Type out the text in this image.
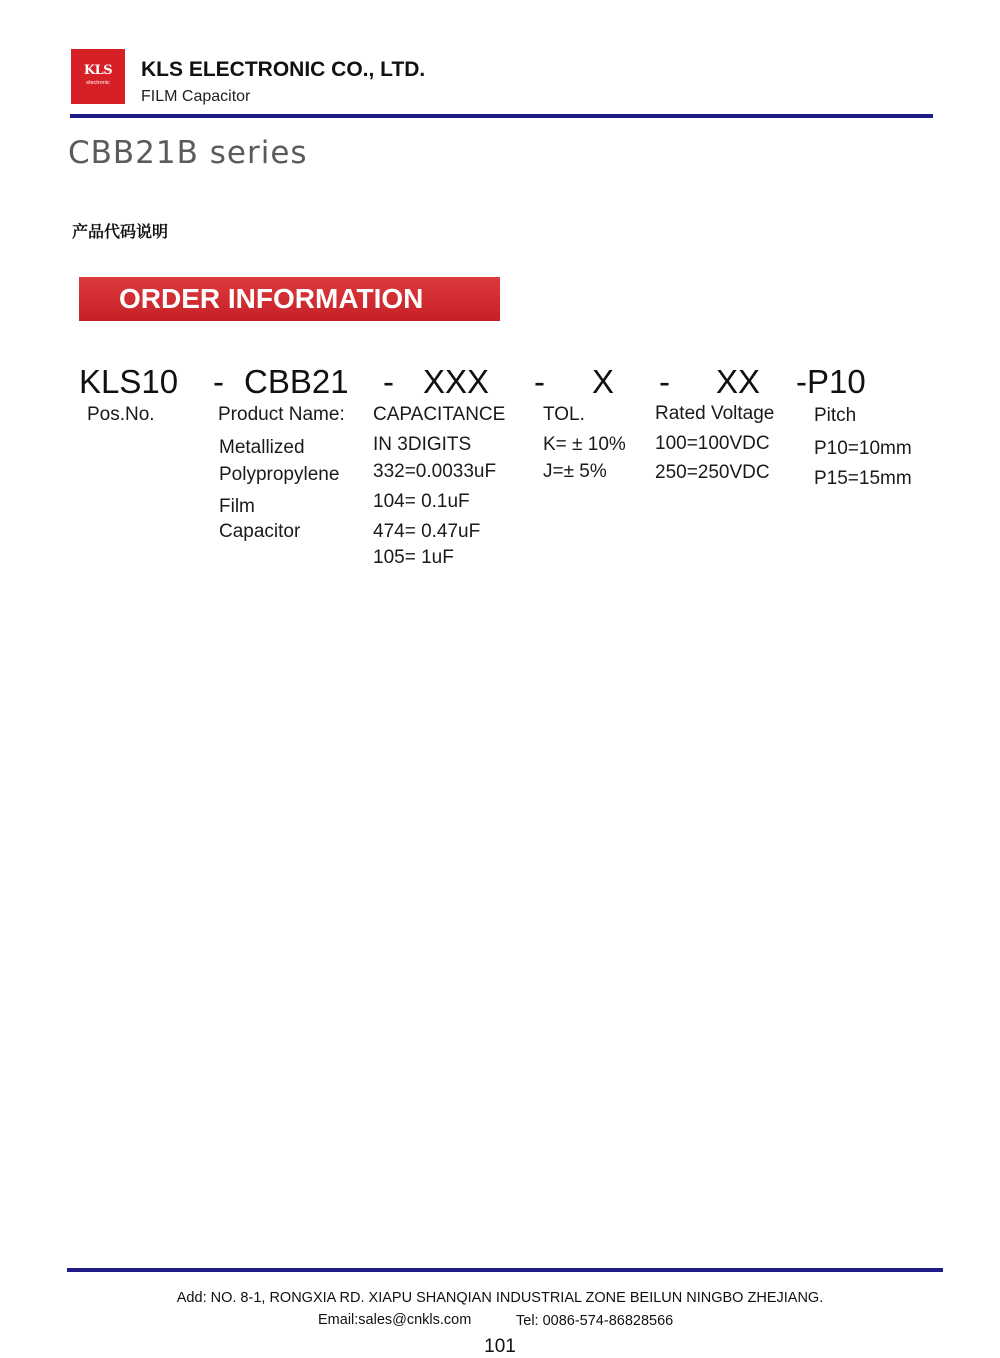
KLS
electronic
KLS ELECTRONIC CO., LTD.
FILM Capacitor
CBB21B series
产品代码说明
ORDER INFORMATION
KLS10 - CBB21 - XXX - X - XX -P10
Pos.No.	Product Name:
Metallized
Polypropylene
Film
Capacitor
CAPACITANCE
IN 3DIGITS
332=0.0033uF
104= 0.1uF
474= 0.47uF
105= 1uF
TOL.
K= ± 10%
J=± 5%
Rated Voltage
100=100VDC
250=250VDC
Pitch
P10=10mm
P15=15mm
Add: NO. 8-1, RONGXIA RD. XIAPU SHANQIAN INDUSTRIAL ZONE BEILUN NINGBO ZHEJIANG.
Email:sales@cnkls.com	Tel: 0086-574-86828566
101
